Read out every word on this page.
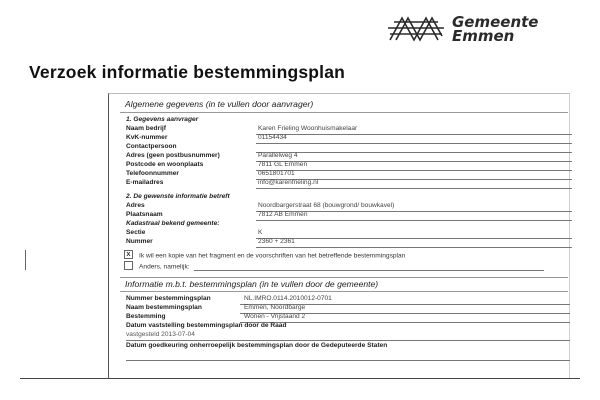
Gemeente
Emmen
Verzoek informatie bestemmingsplan
Algemene gegevens (in te vullen door aanvrager)
1. Gegevens aanvrager
Naam bedrijf	Karen Frieling Woonhuismakelaar
KvK-nummer	01154434
Contactpersoon
Adres (geen postbusnummer)	Parallelweg 4
Postcode en woonplaats	7811 GL Emmen
Telefoonnummer	0651801701
E-mailadres	info@karenfrieling.nl
2. De gewenste informatie betreft
Adres	Noordbargerstraat 68 (bouwgrond/ bouwkavel)
Plaatsnaam	7812 AB Emmen
Kadastraal bekend gemeente:
Sectie	K
Nummer	2360 + 2361
x Ik wil een kopie van het fragment en de voorschriften van het betreffende bestemmingsplan
Anders, namelijk:
Informatie m.b.t. bestemmingsplan (in te vullen door de gemeente)
Nummer bestemmingsplan	NL.IMRO.0114.2010012-0701
Naam bestemmingsplan	Emmen, Noordbarge
Bestemming	Wonen - Vrijstaand 2
Datum vaststelling bestemmingsplan door de Raad
vastgesteld 2013-07-04
Datum goedkeuring onherroepelijk bestemmingsplan door de Gedeputeerde Staten
